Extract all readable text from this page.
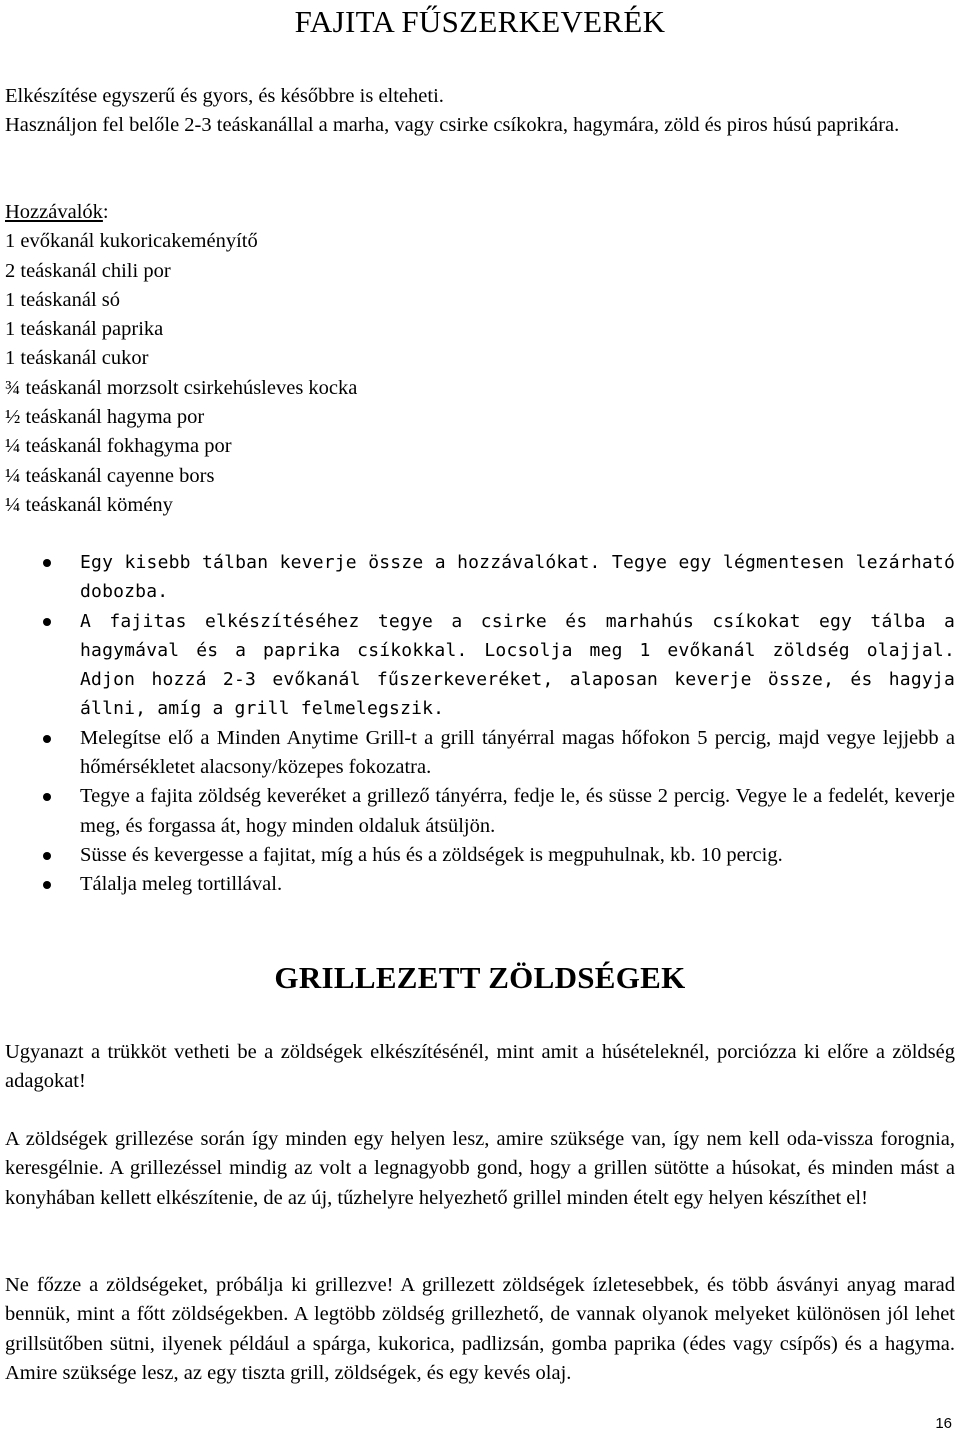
FAJITA FŰSZERKEVERÉK

Elkészítése egyszerű és gyors, és későbbre is elteheti.

Használjon fel belőle 2-3 teáskanállal a marha, vagy csirke csíkokra, hagymára, zöld és piros húsú paprikára.

Hozzávalók:

1 evőkanál kukoricakeményítő
2 teáskanál chili por
1 teáskanál só
1 teáskanál paprika
1 teáskanál cukor
¾ teáskanál morzsolt csirkehúsleves kocka
½ teáskanál hagyma por
¼ teáskanál fokhagyma por
¼ teáskanál cayenne bors
¼ teáskanál kömény
Egy kisebb tálban keverje össze a hozzávalókat. Tegye egy légmentesen lezárható dobozba.
A fajitas elkészítéséhez tegye a csirke és marhahús csíkokat egy tálba a hagymával és a paprika csíkokkal. Locsolja meg 1 evőkanál zöldség olajjal. Adjon hozzá 2-3 evőkanál fűszerkeveréket, alaposan keverje össze, és hagyja állni, amíg a grill felmelegszik.
Melegítse elő a Minden Anytime Grill-t a grill tányérral magas hőfokon 5 percig, majd vegye lejjebb a hőmérsékletet alacsony/közepes fokozatra.
Tegye a fajita zöldség keveréket a grillező tányérra, fedje le, és süsse 2 percig. Vegye le a fedelét, keverje meg, és forgassa át, hogy minden oldaluk átsüljön.
Süsse és kevergesse a fajitat, míg a hús és a zöldségek is megpuhulnak, kb. 10 percig.
Tálalja meleg tortillával.
GRILLEZETT ZÖLDSÉGEK

Ugyanazt a trükköt vetheti be a zöldségek elkészítésénél, mint amit a húsételeknél, porciózza ki előre a zöldség adagokat!

A zöldségek grillezése során így minden egy helyen lesz, amire szüksége van, így nem kell oda-vissza forognia, keresgélnie. A grillezéssel mindig az volt a legnagyobb gond, hogy a grillen sütötte a húsokat, és minden mást a konyhában kellett elkészítenie, de az új, tűzhelyre helyezhető grillel minden ételt egy helyen készíthet el!

Ne főzze a zöldségeket, próbálja ki grillezve! A grillezett zöldségek ízletesebbek, és több ásványi anyag marad bennük, mint a főtt zöldségekben. A legtöbb zöldség grillezhető, de vannak olyanok melyeket különösen jól lehet grillsütőben sütni, ilyenek például a spárga, kukorica, padlizsán, gomba paprika (édes vagy csípős) és a hagyma. Amire szüksége lesz, az egy tiszta grill, zöldségek, és egy kevés olaj.

16
